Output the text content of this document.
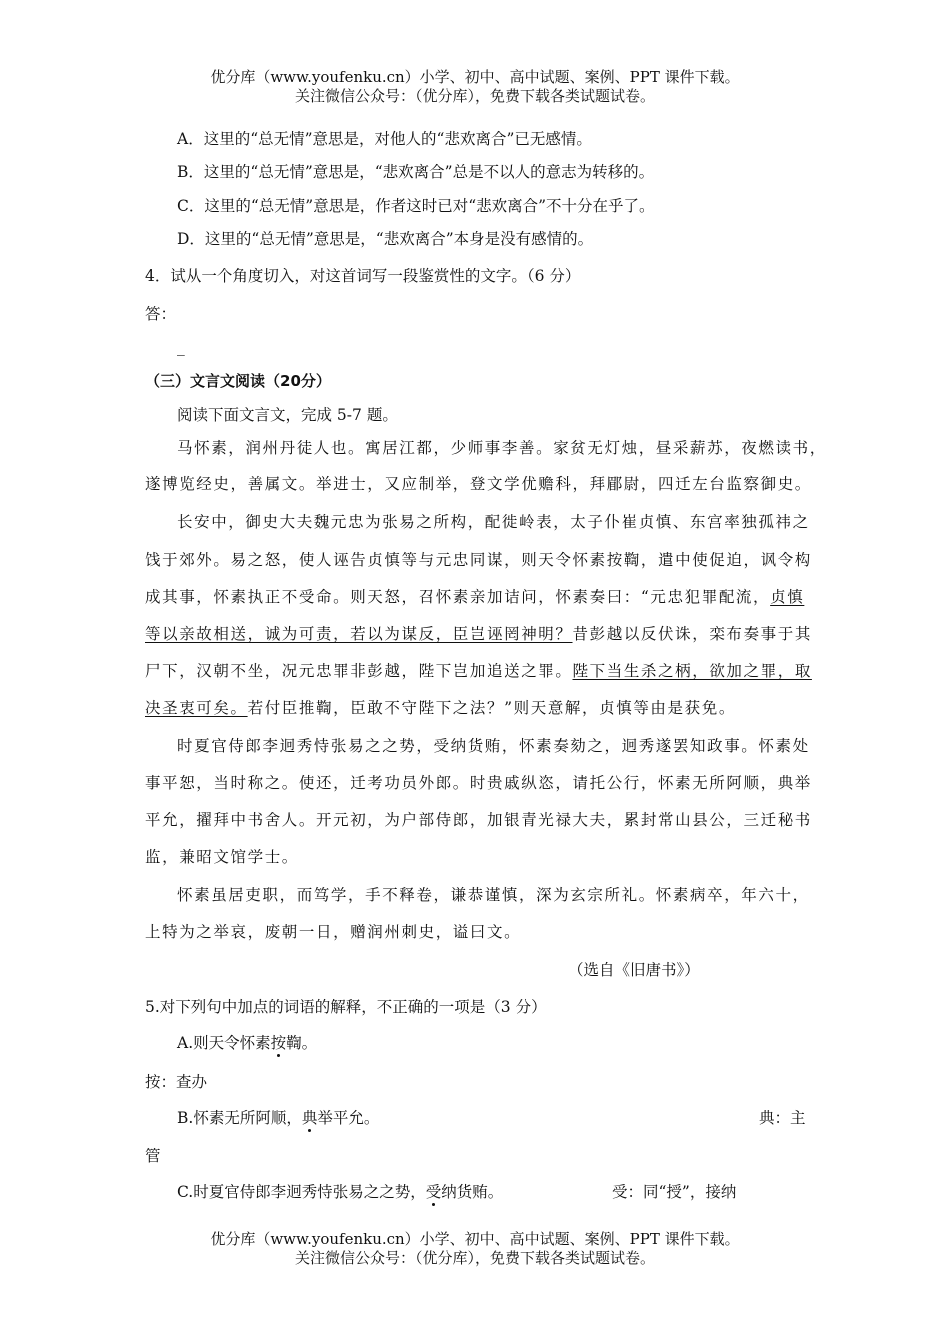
优分库（www.youfenku.cn）小学、初中、高中试题、案例、PPT 课件下载。
关注微信公众号：（优分库），免费下载各类试题试卷。
A．这里的“总无情”意思是，对他人的“悲欢离合”已无感情。
B．这里的“总无情”意思是，“悲欢离合”总是不以人的意志为转移的。
C．这里的“总无情”意思是，作者这时已对“悲欢离合”不十分在乎了。
D．这里的“总无情”意思是，“悲欢离合”本身是没有感情的。
4．试从一个角度切入，对这首词写一段鉴赏性的文字。（6 分）
答：
_
（三）文言文阅读（20分）
阅读下面文言文，完成 5-7 题。
马怀素，润州丹徒人也。寓居江都，少师事李善。家贫无灯烛，昼采薪苏，夜燃读书，
遂博览经史，善属文。举进士，又应制举，登文学优赡科，拜郿尉，四迁左台监察御史。
长安中，御史大夫魏元忠为张易之所构，配徙岭表，太子仆崔贞慎、东宫率独孤祎之
饯于郊外。易之怒，使人诬告贞慎等与元忠同谋，则天令怀素按鞫，遣中使促迫，讽令构
成其事，怀素执正不受命。则天怒，召怀素亲加诘问，怀素奏曰：“元忠犯罪配流，贞慎
等以亲故相送，诚为可责，若以为谋反，臣岂诬罔神明？昔彭越以反伏诛，栾布奏事于其
尸下，汉朝不坐，况元忠罪非彭越，陛下岂加追送之罪。陛下当生杀之柄，欲加之罪，取
决圣衷可矣。若付臣推鞫，臣敢不守陛下之法？”则天意解，贞慎等由是获免。
时夏官侍郎李迥秀恃张易之之势，受纳货贿，怀素奏劾之，迥秀遂罢知政事。怀素处
事平恕，当时称之。使还，迁考功员外郎。时贵戚纵恣，请托公行，怀素无所阿顺，典举
平允，擢拜中书舍人。开元初，为户部侍郎，加银青光禄大夫，累封常山县公，三迁秘书
监，兼昭文馆学士。
怀素虽居吏职，而笃学，手不释卷，谦恭谨慎，深为玄宗所礼。怀素病卒，年六十，
上特为之举哀，废朝一日，赠润州刺史，谥曰文。
（选自《旧唐书》）
5.对下列句中加点的词语的解释，不正确的一项是（3 分）
A.则天令怀素按鞫。
按：查办
B.怀素无所阿顺，典举平允。	典：主
管
C.时夏官侍郎李迥秀恃张易之之势，受纳货贿。	受：同“授”，接纳
优分库（www.youfenku.cn）小学、初中、高中试题、案例、PPT 课件下载。
关注微信公众号：（优分库），免费下载各类试题试卷。
